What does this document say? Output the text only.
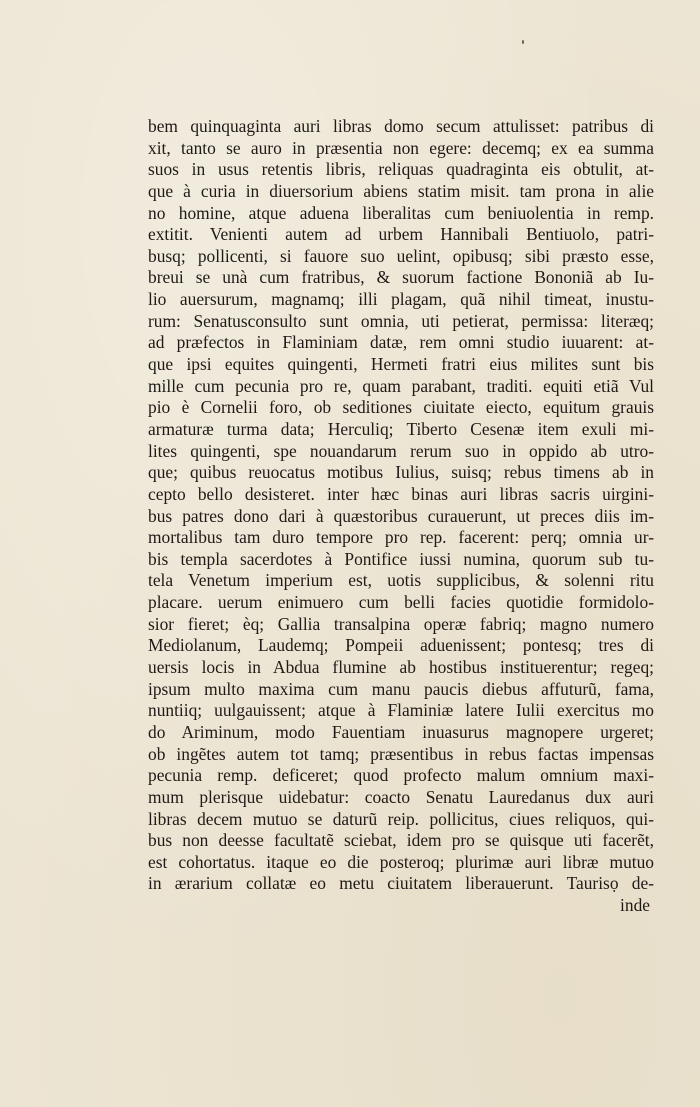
bem quinquaginta auri libras domo secum attulisset: patribus di
xit, tanto se auro in præsentia non egere: decemq; ex ea summa
suos in usus retentis libris, reliquas quadraginta eis obtulit, at-
que à curia in diuersorium abiens statim misit. tam prona in alie
no homine, atque aduena liberalitas cum beniuolentia in remp.
extitit. Venienti autem ad urbem Hannibali Bentiuolo, patri-
busq; pollicenti, si fauore suo uelint, opibusq; sibi præsto esse,
breui se unà cum fratribus, & suorum factione Bononiã ab Iu-
lio auersurum, magnamq; illi plagam, quã nihil timeat, inustu-
rum: Senatusconsulto sunt omnia, uti petierat, permissa: literæq;
ad præfectos in Flaminiam datæ, rem omni studio iuuarent: at-
que ipsi equites quingenti, Hermeti fratri eius milites sunt bis
mille cum pecunia pro re, quam parabant, traditi. equiti etiã Vul
pio è Cornelii foro, ob seditiones ciuitate eiecto, equitum grauis
armaturæ turma data; Herculiq; Tiberto Cesenæ item exuli mi-
lites quingenti, spe nouandarum rerum suo in oppido ab utro-
que; quibus reuocatus motibus Iulius, suisq; rebus timens ab in
cepto bello desisteret. inter hæc binas auri libras sacris uirgini-
bus patres dono dari à quæstoribus curauerunt, ut preces diis im-
mortalibus tam duro tempore pro rep. facerent: perq; omnia ur-
bis templa sacerdotes à Pontifice iussi numina, quorum sub tu-
tela Venetum imperium est, uotis supplicibus, & solenni ritu
placare. uerum enimuero cum belli facies quotidie formidolo-
sior fieret; èq; Gallia transalpina operæ fabriq; magno numero
Mediolanum, Laudemq; Pompeii aduenissent; pontesq; tres di
uersis locis in Abdua flumine ab hostibus instituerentur; regeq;
ipsum multo maxima cum manu paucis diebus affuturũ, fama,
nuntiiq; uulgauissent; atque à Flaminiæ latere Iulii exercitus mo
do Ariminum, modo Fauentiam inuasurus magnopere urgeret;
ob ingẽtes autem tot tamq; præsentibus in rebus factas impensas
pecunia remp. deficeret; quod profecto malum omnium maxi-
mum plerisque uidebatur: coacto Senatu Lauredanus dux auri
libras decem mutuo se daturũ reip. pollicitus, ciues reliquos, qui-
bus non deesse facultatẽ sciebat, idem pro se quisque uti facerẽt,
est cohortatus. itaque eo die posteroq; plurimæ auri libræ mutuo
in ærarium collatæ eo metu ciuitatem liberauerunt. Taurisọ de-
inde
